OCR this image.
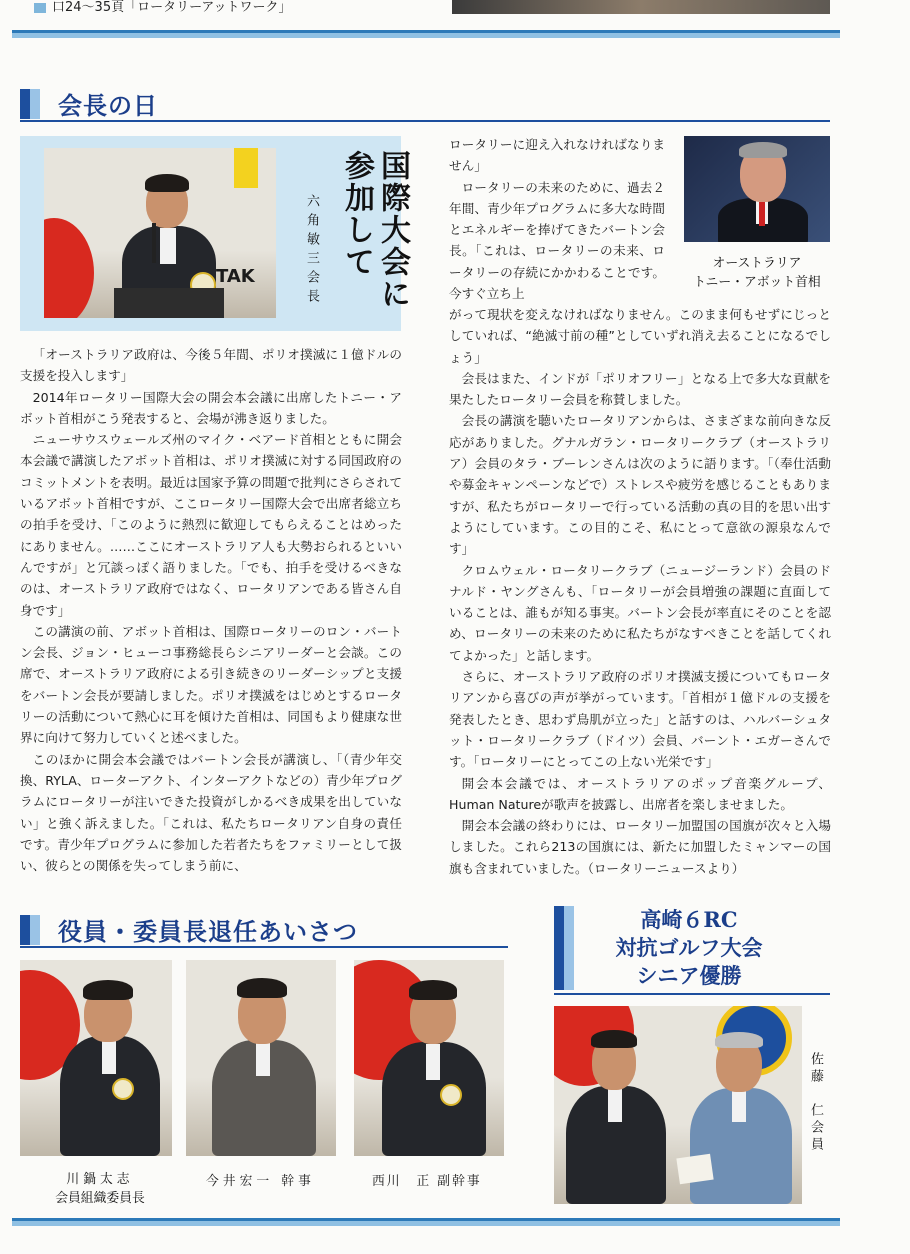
口24～35頁「ロータリーアットワーク」
会長の日
TAK	国際大会に参加して
六角敏三会長	オーストラリア
トニー・アボット首相

「オーストラリア政府は、今後５年間、ポリオ撲滅に１億ドルの支援を投入します」

2014年ロータリー国際大会の開会本会議に出席したトニー・アボット首相がこう発表すると、会場が沸き返りました。

ニューサウスウェールズ州のマイク・ベアード首相とともに開会本会議で講演したアボット首相は、ポリオ撲滅に対する同国政府のコミットメントを表明。最近は国家予算の問題で批判にさらされているアボット首相ですが、ここロータリー国際大会で出席者総立ちの拍手を受け、「このように熱烈に歓迎してもらえることはめったにありません。……ここにオーストラリア人も大勢おられるといいんですが」と冗談っぽく語りました。「でも、拍手を受けるべきなのは、オーストラリア政府ではなく、ロータリアンである皆さん自身です」

この講演の前、アボット首相は、国際ロータリーのロン・バートン会長、ジョン・ヒューコ事務総長らシニアリーダーと会談。この席で、オーストラリア政府による引き続きのリーダーシップと支援をバートン会長が要請しました。ポリオ撲滅をはじめとするロータリーの活動について熱心に耳を傾けた首相は、同国もより健康な世界に向けて努力していくと述べました。

このほかに開会本会議ではバートン会長が講演し、「（青少年交換、RYLA、ローターアクト、インターアクトなどの）青少年プログラムにロータリーが注いできた投資がしかるべき成果を出していない」と強く訴えました。「これは、私たちロータリアン自身の責任です。青少年プログラムに参加した若者たちをファミリーとして扱い、彼らとの関係を失ってしまう前に、

ロータリーに迎え入れなければなりません」

ロータリーの未来のために、過去２年間、青少年プログラムに多大な時間とエネルギーを捧げてきたバートン会長。「これは、ロータリーの未来、ロータリーの存続にかかわることです。今すぐ立ち上

がって現状を変えなければなりません。このまま何もせずにじっとしていれば、“絶滅寸前の種”としていずれ消え去ることになるでしょう」

会長はまた、インドが「ポリオフリー」となる上で多大な貢献を果たしたロータリー会員を称賛しました。

会長の講演を聴いたロータリアンからは、さまざまな前向きな反応がありました。グナルガラン・ロータリークラブ（オーストラリア）会員のタラ・ブーレンさんは次のように語ります。「（奉仕活動や募金キャンペーンなどで）ストレスや疲労を感じることもありますが、私たちがロータリーで行っている活動の真の目的を思い出すようにしています。この目的こそ、私にとって意欲の源泉なんです」

クロムウェル・ロータリークラブ（ニュージーランド）会員のドナルド・ヤングさんも、「ロータリーが会員増強の課題に直面していることは、誰もが知る事実。バートン会長が率直にそのことを認め、ロータリーの未来のために私たちがなすべきことを話してくれてよかった」と話します。

さらに、オーストラリア政府のポリオ撲滅支援についてもロータリアンから喜びの声が挙がっています。「首相が１億ドルの支援を発表したとき、思わず鳥肌が立った」と話すのは、ハルバーシュタット・ロータリークラブ（ドイツ）会員、バーント・エガーさんです。「ロータリーにとってこの上ない光栄です」

開会本会議では、オーストラリアのポップ音楽グループ、Human Natureが歌声を披露し、出席者を楽しませました。

開会本会議の終わりには、ロータリー加盟国の国旗が次々と入場しました。これら213の国旗には、新たに加盟したミャンマーの国旗も含まれていました。（ロータリーニュースより）

役員・委員長退任あいさつ
川鍋太志
会員組織委員長
今井宏一 幹事	西川　正 副幹事
高崎６RC
対抗ゴルフ大会
シニア優勝
佐藤　仁会員
